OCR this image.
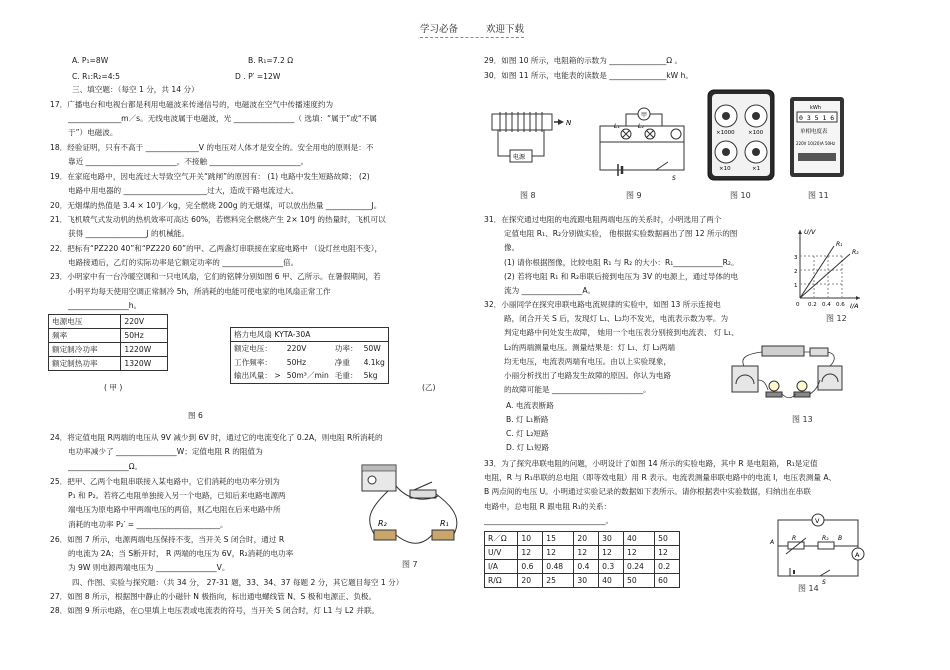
学习必备	欢迎下载
A. P₁=8W	B. R₁=7.2 Ω
C. R₁:R₂=4:5	D . P′ =12W
三、填空题：（每空 1 分，共 14 分）
17．广播电台和电视台都是利用电磁波来传递信号的，电磁波在空气中传播速度约为
______________m／s。无线电波属于电磁波，光 ________________（ 选填：“属于”或“不属
于”）电磁波。
18．经验证明，只有不高于 ______________V 的电压对人体才是安全的。安全用电的原则是：不
靠近 ________________________，不接触 ________________________。
19．在家庭电路中，因电流过大导致空气开关“跳闸”的原因有： (1) 电路中发生短路故障； (2)
电路中用电器的 ______________________过大，造成干路电流过大。
20．无烟煤的热值是 3.4 × 10⁷J／kg，完全燃烧 200g 的无烟煤，可以放出热量 ____________J。
21．飞机喷气式发动机的热机效率可高达 60%，若燃料完全燃烧产生 2× 10⁸J 的热量时，飞机可以
获得 ________________J 的机械能。
22．把标有“PZ220 40”和“PZ220 60”的甲、乙两盏灯串联接在家庭电路中 （设灯丝电阻不变），
电路接通后，乙灯的实际功率是它额定功率的 ________________倍。
23．小明家中有一台冷暖空调和一只电风扇，它们的铭牌分别如图 6 甲、乙所示。在暑假期间，若
小明平均每天使用空调正常制冷 5h，所消耗的电能可使电家的电风扇正常工作
________________h。
( 甲 )	(乙)
图 6
24．将定值电阻 R两端的电压从 9V 减少到 6V 时，通过它的电流变化了 0.2A，则电阻 R所消耗的
电功率减少了 ________________W；定值电阻 R 的阻值为
________________Ω。
25．把甲、乙两个电阻串联接入某电路中，它们消耗的电功率分别为
P₁ 和 P₂。若将乙电阻单独接入另一个电路，已知后来电路电源两
端电压为原电路中甲两端电压的两倍，则乙电阻在后来电路中所
消耗的电功率 P₂′ = ______________________。
26．如图 7 所示，电源两端电压保持不变，当开关 S 闭合时，通过 R
的电流为 2A；当 S断开时， R 两端的电压为 6V，R₂消耗的电功率
为 9W 则电源两端电压为 ________________V。
四、作图、实验与探究题：（共 34 分， 27-31 题，33、34、37 每题 2 分，其它题目每空 1 分）
27．如图 8 所示，根据图中静止的小磁针 N 极指向，标出通电螺线管 N、S 极和电源正、负极。
28．如图 9 所示电路，在○里填上电压表或电流表的符号，当开关 S 闭合时，灯 L1 与 L2 并联。
电源电压	220V
频率	50Hz
额定制冷功率	1220W
额定制热功率	1320W
格力电风扇 KYTA-30A			
额定电压：	220V	功率：	50W
工作频率：	50Hz	净重	4.1kg
输出风量： >	50m³／min	毛重：	5kg
R₂	R₁
图 7
29．如图 10 所示，电阻箱的示数为 _______________Ω 。
30．如图 11 所示，电能表的读数是 _______________kW h。
31．在探究通过电阻的电流跟电阻两端电压的关系时，小明选用了两个
定值电阻 R₁、R₂分别做实验， 他根据实验数据画出了图 12 所示的图
像。
(1) 请你根据图像，比较电阻 R₁ 与 R₂ 的大小：R₁_____________R₂。
(2) 若将电阻 R₁ 和 R₂串联后接到电压为 3V 的电源上，通过导体的电
流为 ________________A。
32．小丽同学在探究串联电路电流规律的实验中，如图 13 所示连接电
路，闭合开关 S 后，发现灯 L₁、L₂均不发光，电流表示数为零。为
判定电路中何处发生故障， 她用一个电压表分别接到电流表、 灯 L₁、
L₂的两端测量电压。测量结果是：灯 L₁、灯 L₂两端
均无电压，电流表两端有电压。由以上实验现象，
小丽分析找出了电路发生故障的原因。你认为电路
的故障可能是 ________________________。
A. 电流表断路
B. 灯 L₁断路
C. 灯 L₂短路
D. 灯 L₁短路
33．为了探究串联电阻的问题，小明设计了如图 14 所示的实验电路，其中 R 是电阻箱， R₁是定值
电阻，R 与 R₁串联的总电阻（即等效电阻）用 R 表示。电流表测量串联电路中的电流 I，电压表测量 A、
B 两点间的电压 U。小明通过实验记录的数据如下表所示。请你根据表中实验数据，归纳出在串联
电路中，总电阻 R 跟电阻 R₁的关系：
________________________________。
电源
N
图 8
甲
L₁	L₂
S
图 9
×1000 ×100
×10	×1
图 10
kWh
0 3 5 1 6
单相电度表
220V 10(20)A 50Hz
图 11
U/V
I/A
R₁
R₂
1
2
3
0 0.2 0.4 0.6
图 12
图 13
V
R	R₂
A
B
A
S
图 14
R／Ω	10	15	20	30	40	50
U/V	12	12	12	12	12	12
I/A	0.6	0.48	0.4	0.3	0.24	0.2
R/Ω	20	25	30	40	50	60
